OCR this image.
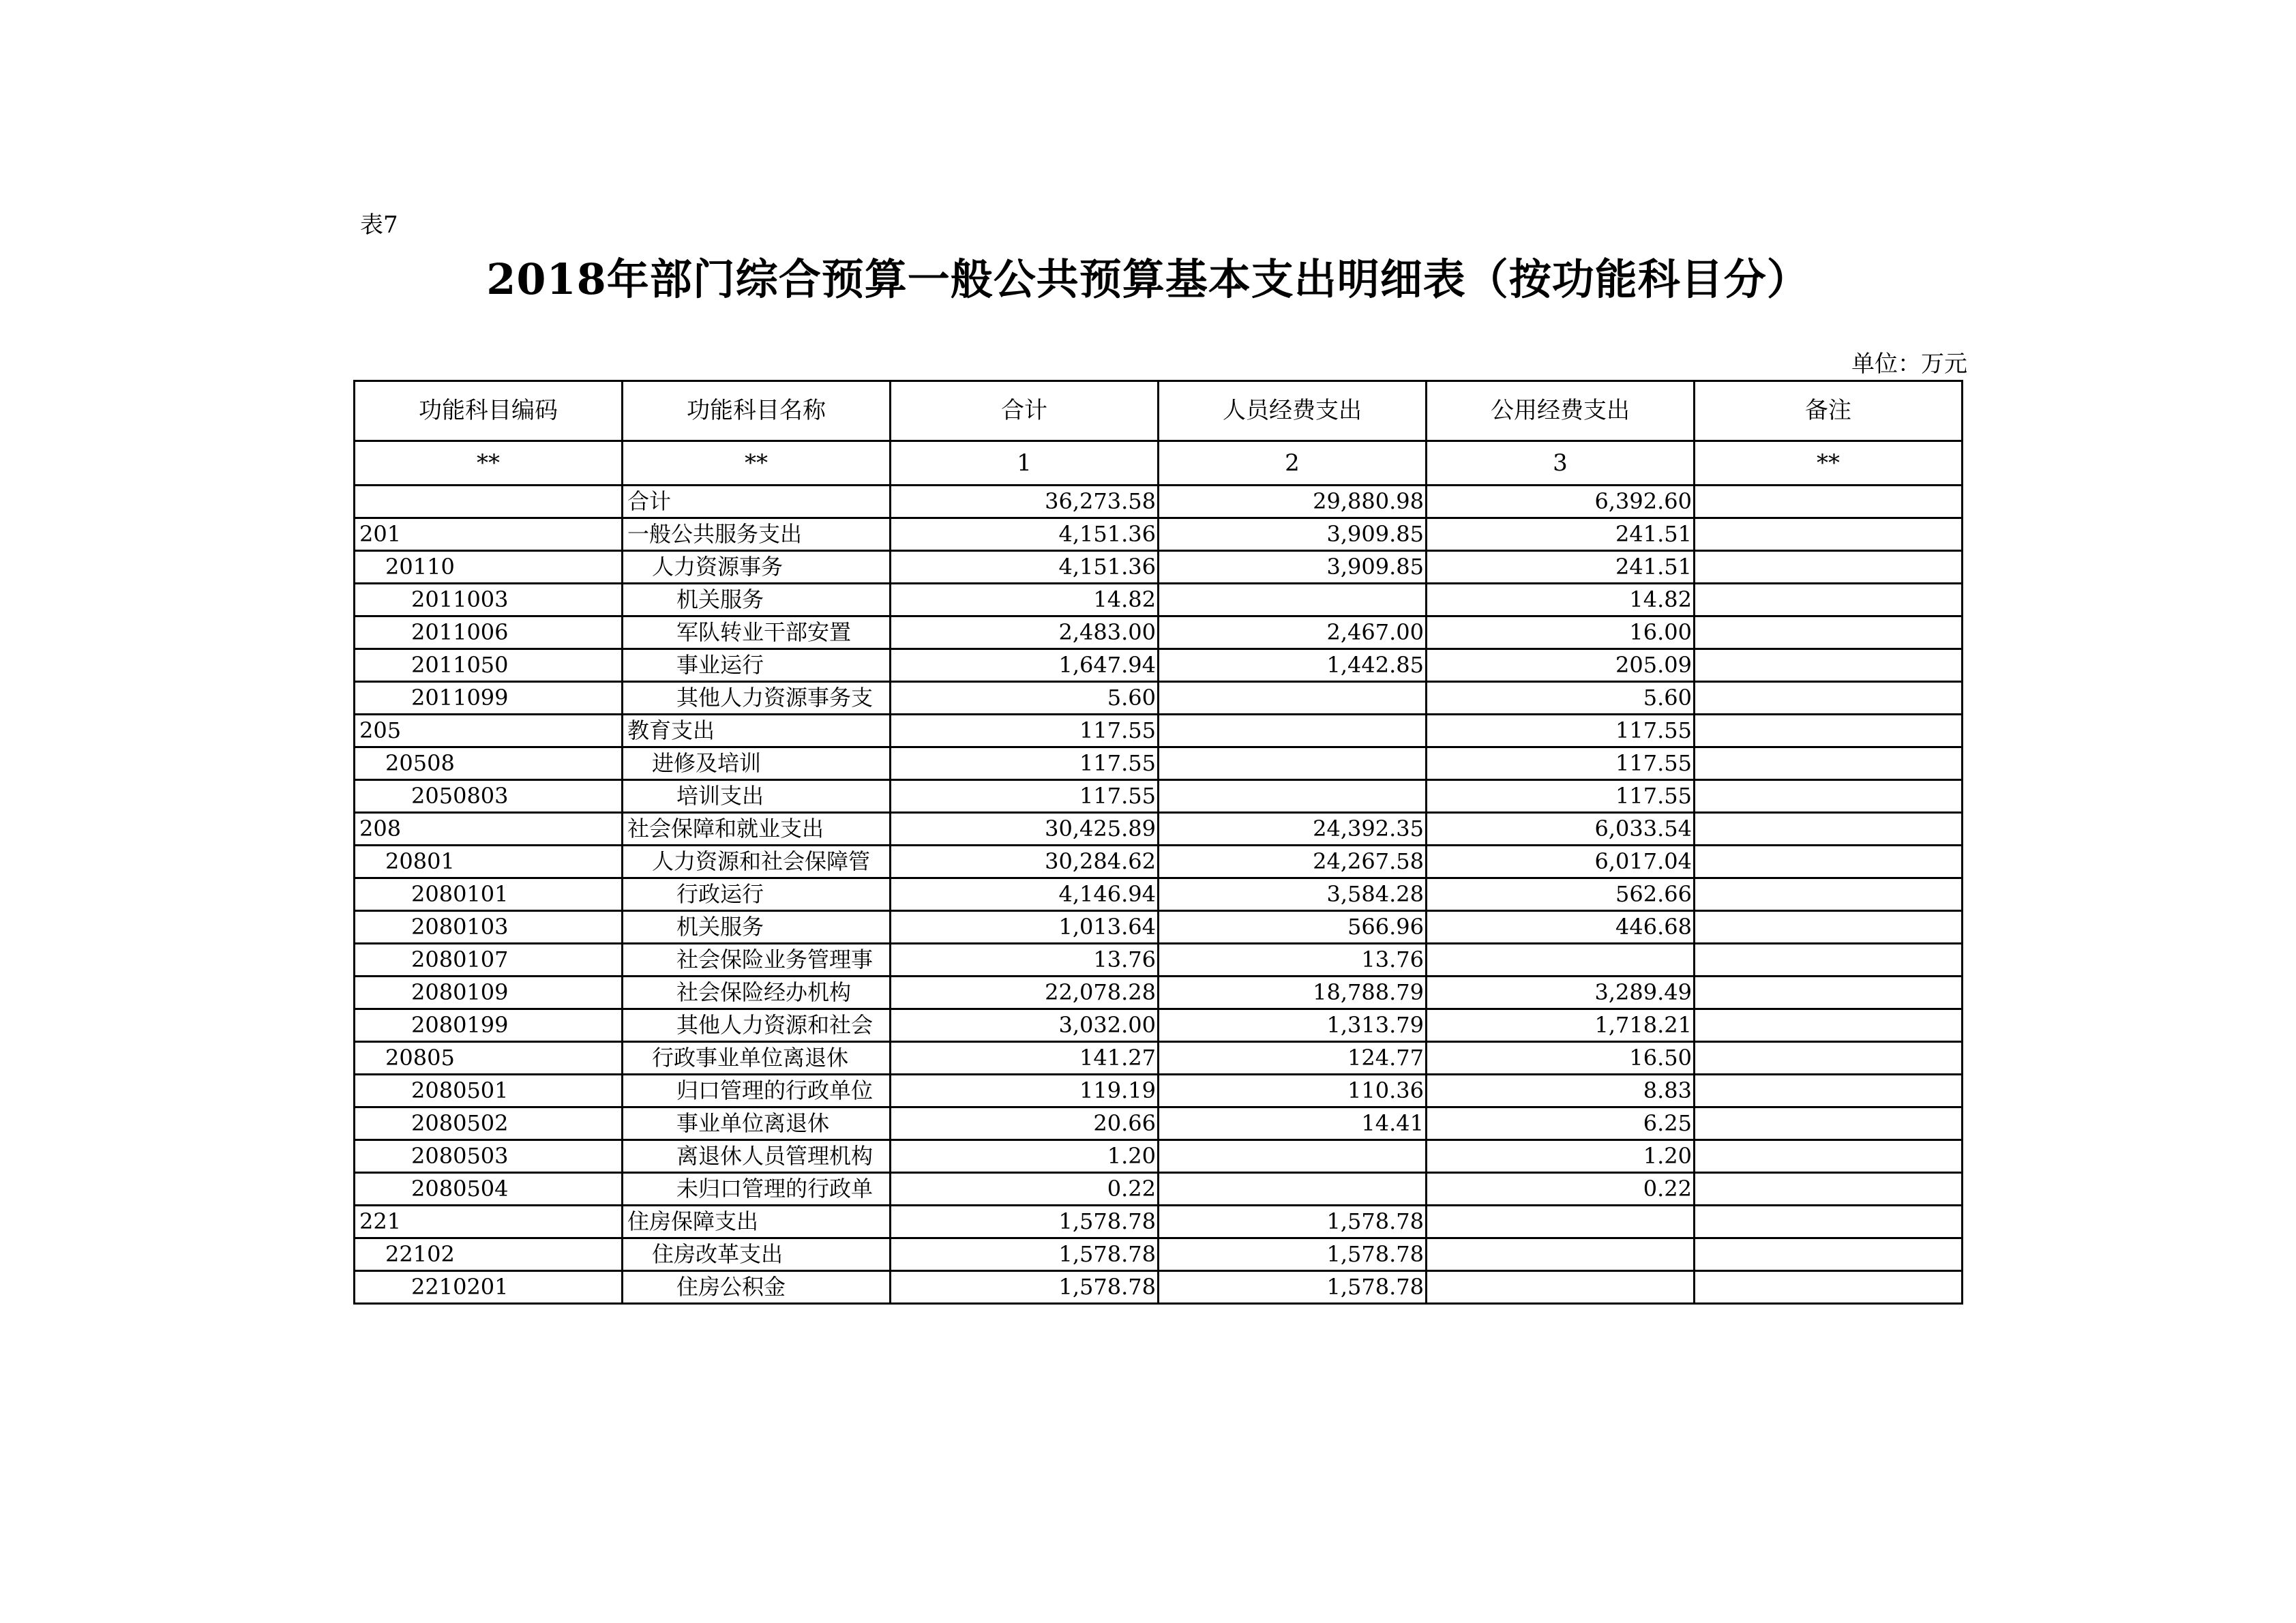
表7
2018年部门综合预算一般公共预算基本支出明细表（按功能科目分）
单位：万元
功能科目编码	功能科目名称	合计	人员经费支出	公用经费支出	备注
**	**	1	2	3	**
	合计	36,273.58	29,880.98	6,392.60	
201	一般公共服务支出	4,151.36	3,909.85	241.51	
20110	人力资源事务	4,151.36	3,909.85	241.51	
2011003	机关服务	14.82		14.82	
2011006	军队转业干部安置	2,483.00	2,467.00	16.00	
2011050	事业运行	1,647.94	1,442.85	205.09	
2011099	其他人力资源事务支	5.60		5.60	
205	教育支出	117.55		117.55	
20508	进修及培训	117.55		117.55	
2050803	培训支出	117.55		117.55	
208	社会保障和就业支出	30,425.89	24,392.35	6,033.54	
20801	人力资源和社会保障管	30,284.62	24,267.58	6,017.04	
2080101	行政运行	4,146.94	3,584.28	562.66	
2080103	机关服务	1,013.64	566.96	446.68	
2080107	社会保险业务管理事	13.76	13.76		
2080109	社会保险经办机构	22,078.28	18,788.79	3,289.49	
2080199	其他人力资源和社会	3,032.00	1,313.79	1,718.21	
20805	行政事业单位离退休	141.27	124.77	16.50	
2080501	归口管理的行政单位	119.19	110.36	8.83	
2080502	事业单位离退休	20.66	14.41	6.25	
2080503	离退休人员管理机构	1.20		1.20	
2080504	未归口管理的行政单	0.22		0.22	
221	住房保障支出	1,578.78	1,578.78		
22102	住房改革支出	1,578.78	1,578.78		
2210201	住房公积金	1,578.78	1,578.78		
